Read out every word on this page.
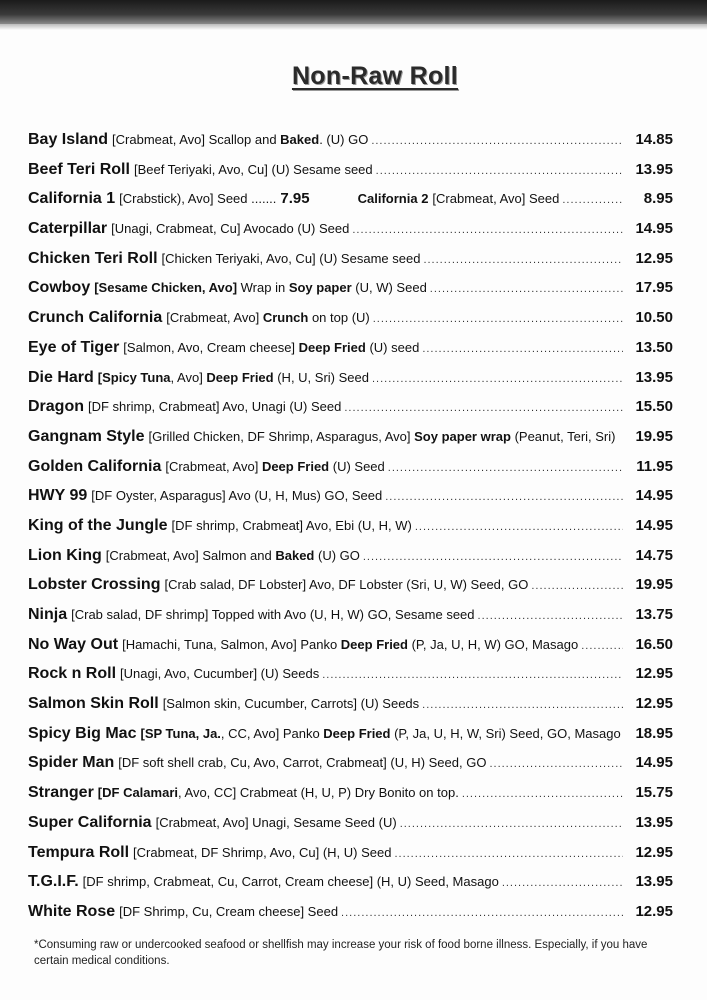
Non-Raw Roll
Bay Island [Crabmeat, Avo] Scallop and Baked. (U) GO .....	14.85
Beef Teri Roll [Beef Teriyaki, Avo, Cu] (U) Sesame seed .....	13.95
California 1 [Crabstick), Avo] Seed ....... 7.95	California 2 [Crabmeat, Avo] Seed .....	8.95
Caterpillar [Unagi, Crabmeat, Cu] Avocado (U) Seed .....	14.95
Chicken Teri Roll [Chicken Teriyaki, Avo, Cu] (U) Sesame seed .....	12.95
Cowboy [Sesame Chicken, Avo] Wrap in Soy paper (U, W) Seed .....	17.95
Crunch California [Crabmeat, Avo] Crunch on top (U) .....	10.50
Eye of Tiger [Salmon, Avo, Cream cheese] Deep Fried (U) seed .....	13.50
Die Hard [Spicy Tuna, Avo] Deep Fried (H, U, Sri) Seed .....	13.95
Dragon [DF shrimp, Crabmeat] Avo, Unagi (U) Seed .....	15.50
Gangnam Style [Grilled Chicken, DF Shrimp, Asparagus, Avo] Soy paper wrap (Peanut, Teri, Sri)	19.95
Golden California [Crabmeat, Avo] Deep Fried (U) Seed .....	11.95
HWY 99 [DF Oyster, Asparagus] Avo (U, H, Mus) GO, Seed .....	14.95
King of the Jungle [DF shrimp, Crabmeat] Avo, Ebi (U, H, W) .....	14.95
Lion King [Crabmeat, Avo] Salmon and Baked (U) GO .....	14.75
Lobster Crossing [Crab salad, DF Lobster] Avo, DF Lobster (Sri, U, W) Seed, GO .....	19.95
Ninja [Crab salad, DF shrimp] Topped with Avo (U, H, W) GO, Sesame seed .....	13.75
No Way Out [Hamachi, Tuna, Salmon, Avo] Panko Deep Fried (P, Ja, U, H, W) GO, Masago .....	16.50
Rock n Roll [Unagi, Avo, Cucumber] (U) Seeds .....	12.95
Salmon Skin Roll [Salmon skin, Cucumber, Carrots] (U) Seeds .....	12.95
Spicy Big Mac [SP Tuna, Ja., CC, Avo] Panko Deep Fried (P, Ja, U, H, W, Sri) Seed, GO, Masago 18.95
Spider Man [DF soft shell crab, Cu, Avo, Carrot, Crabmeat] (U, H) Seed, GO .....	14.95
Stranger [DF Calamari, Avo, CC] Crabmeat (H, U, P) Dry Bonito on top. .....	15.75
Super California [Crabmeat, Avo] Unagi, Sesame Seed (U) .....	13.95
Tempura Roll [Crabmeat, DF Shrimp, Avo, Cu] (H, U) Seed .....	12.95
T.G.I.F. [DF shrimp, Crabmeat, Cu, Carrot, Cream cheese] (H, U) Seed, Masago .....	13.95
White Rose [DF Shrimp, Cu, Cream cheese] Seed .....	12.95
*Consuming raw or undercooked seafood or shellfish may increase your risk of food borne illness. Especially, if you have certain medical conditions.
